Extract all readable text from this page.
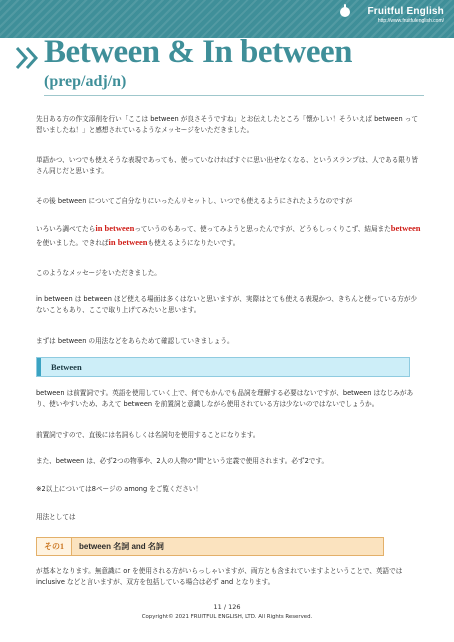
Fruitful English
http://www.fruitfulenglish.com/
Between & In between
(prep/adj/n)
先日ある方の作文添削を行い「ここは between が良さそうですね」とお伝えしたところ「懐かしい！そういえば between って習いましたね！」と感想されているようなメッセージをいただきました。
単語かつ、いつでも使えそうな表現であっても、使っていなければすぐに思い出せなくなる、というスランプは、人である限り皆さん同じだと思います。
その後 between についてご自分なりにいったんリセットし、いつでも使えるようにされたようなのですが
いろいろ調べてたらin betweenっていうのもあって、使ってみようと思ったんですが、どうもしっくりこず、結局またbetweenを使いました。できればin betweenも使えるようになりたいです。
このようなメッセージをいただきました。
in between は between ほど使える場面は多くはないと思いますが、実際はとても使える表現かつ、きちんと使っている方が少ないこともあり、ここで取り上げてみたいと思います。
まずは between の用法などをあらためて確認していきましょう。
Between
between は前置詞です。英語を使用していく上で、何でもかんでも品詞を理解する必要はないですが、between はなじみがあり、使いやすいため、あえて between を前置詞と意識しながら使用されている方は少ないのではないでしょうか。
前置詞ですので、直後には名詞もしくは名詞句を使用することになります。
また、between は、必ず2つの物事や、2人の人物の"間"という定義で使用されます。必ず2です。
※2以上については8ページの among をご覧ください！
用法としては
その1	between 名詞 and 名詞
が基本となります。無意識に or を使用される方がいらっしゃいますが、両方とも含まれていますよということで、英語では inclusive などと言いますが、双方を包括している場合は必ず and となります。
11 / 126
Copyright© 2021 FRUITFUL ENGLISH, LTD. All Rights Reserved.
